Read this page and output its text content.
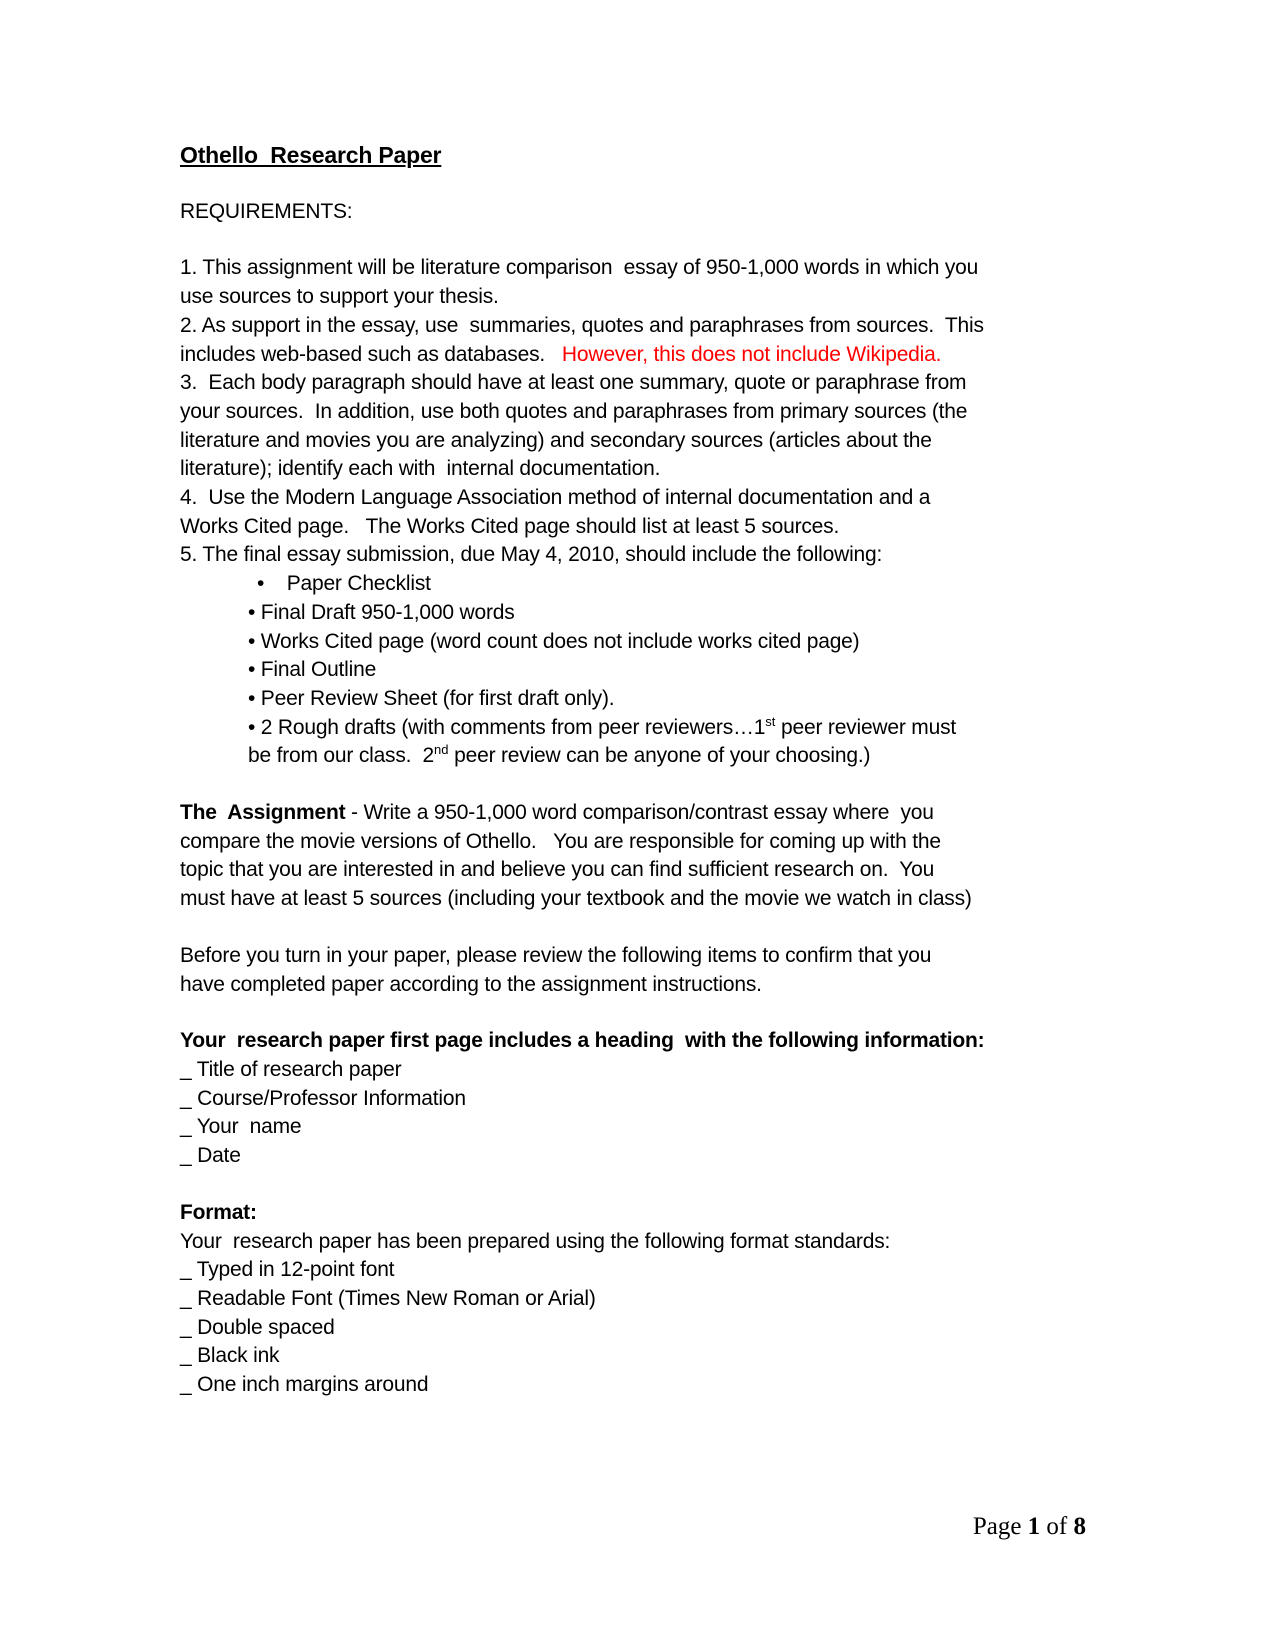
Othello  Research Paper
REQUIREMENTS:
1. This assignment will be literature comparison  essay of 950-1,000 words in which you
use sources to support your thesis.
2. As support in the essay, use  summaries, quotes and paraphrases from sources.  This
includes web-based such as databases.   However, this does not include Wikipedia.
3.  Each body paragraph should have at least one summary, quote or paraphrase from
your sources.  In addition, use both quotes and paraphrases from primary sources (the
literature and movies you are analyzing) and secondary sources (articles about the
literature); identify each with  internal documentation.
4.  Use the Modern Language Association method of internal documentation and a
Works Cited page.   The Works Cited page should list at least 5 sources.
5. The final essay submission, due May 4, 2010, should include the following:
•    Paper Checklist
• Final Draft 950-1,000 words
• Works Cited page (word count does not include works cited page)
• Final Outline
• Peer Review Sheet (for first draft only).
• 2 Rough drafts (with comments from peer reviewers…1st peer reviewer must
be from our class.  2nd peer review can be anyone of your choosing.)
The  Assignment - Write a 950-1,000 word comparison/contrast essay where  you
compare the movie versions of Othello.   You are responsible for coming up with the
topic that you are interested in and believe you can find sufficient research on.  You
must have at least 5 sources (including your textbook and the movie we watch in class)
Before you turn in your paper, please review the following items to confirm that you
have completed paper according to the assignment instructions.
Your  research paper first page includes a heading  with the following information:
_ Title of research paper
_ Course/Professor Information
_ Your  name
_ Date
Format:
Your  research paper has been prepared using the following format standards:
_ Typed in 12-point font
_ Readable Font (Times New Roman or Arial)
_ Double spaced
_ Black ink
_ One inch margins around
Page 1 of 8
